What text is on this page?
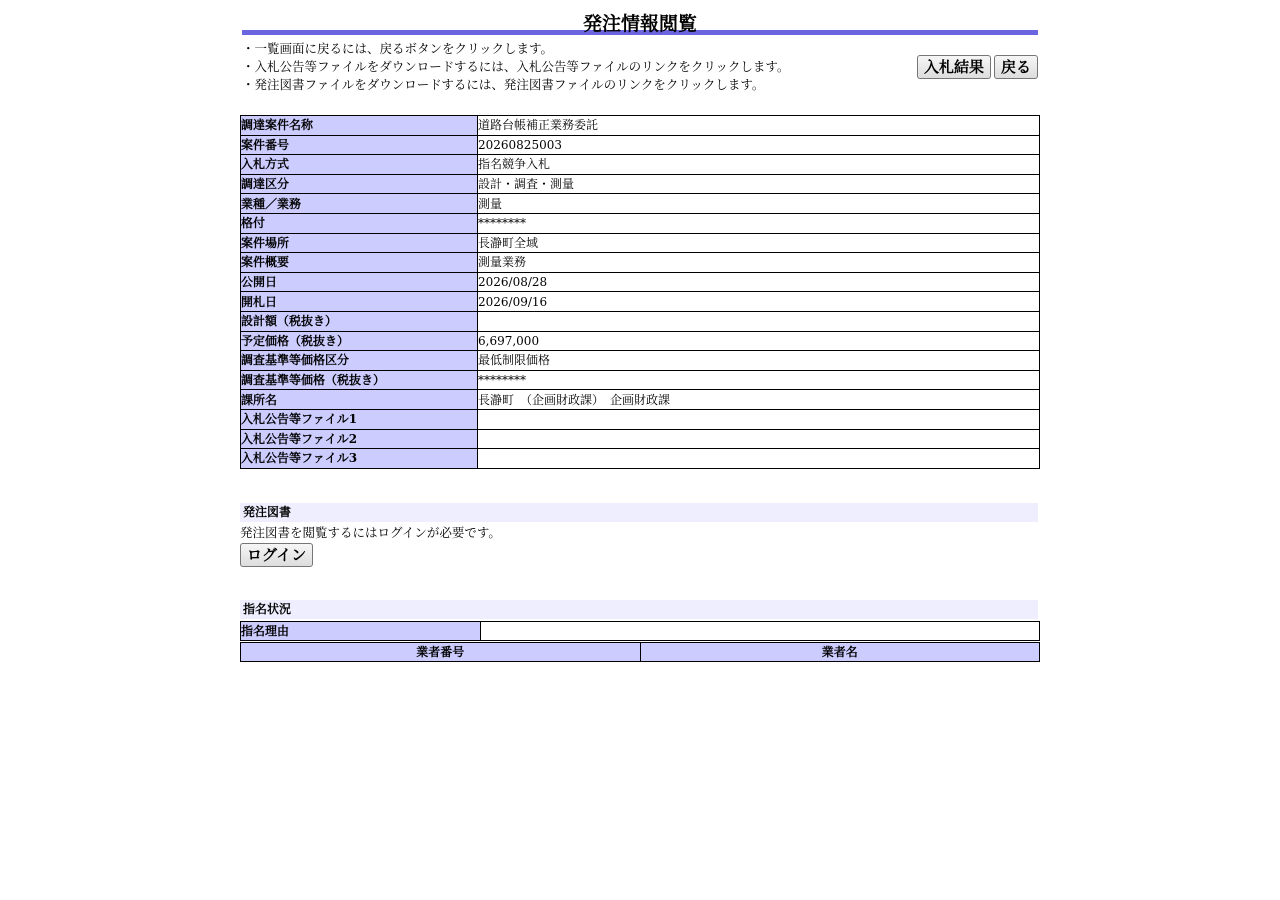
発注情報閲覧
・一覧画面に戻るには、戻るボタンをクリックします。
・入札公告等ファイルをダウンロードするには、入札公告等ファイルのリンクをクリックします。
・発注図書ファイルをダウンロードするには、発注図書ファイルのリンクをクリックします。
入札結果	戻る
調達案件名称	道路台帳補正業務委託
案件番号	20260825003
入札方式	指名競争入札
調達区分	設計・調査・測量
業種／業務	測量
格付	********
案件場所	長瀞町全域
案件概要	測量業務
公開日	2026/08/28
開札日	2026/09/16
設計額（税抜き）	
予定価格（税抜き）	6,697,000
調査基準等価格区分	最低制限価格
調査基準等価格（税抜き）	********
課所名	長瀞町　（企画財政課）　企画財政課
入札公告等ファイル1	
入札公告等ファイル2	
入札公告等ファイル3	
発注図書
発注図書を閲覧するにはログインが必要です。
ログイン
指名状況
指名理由	
業者番号	業者名
